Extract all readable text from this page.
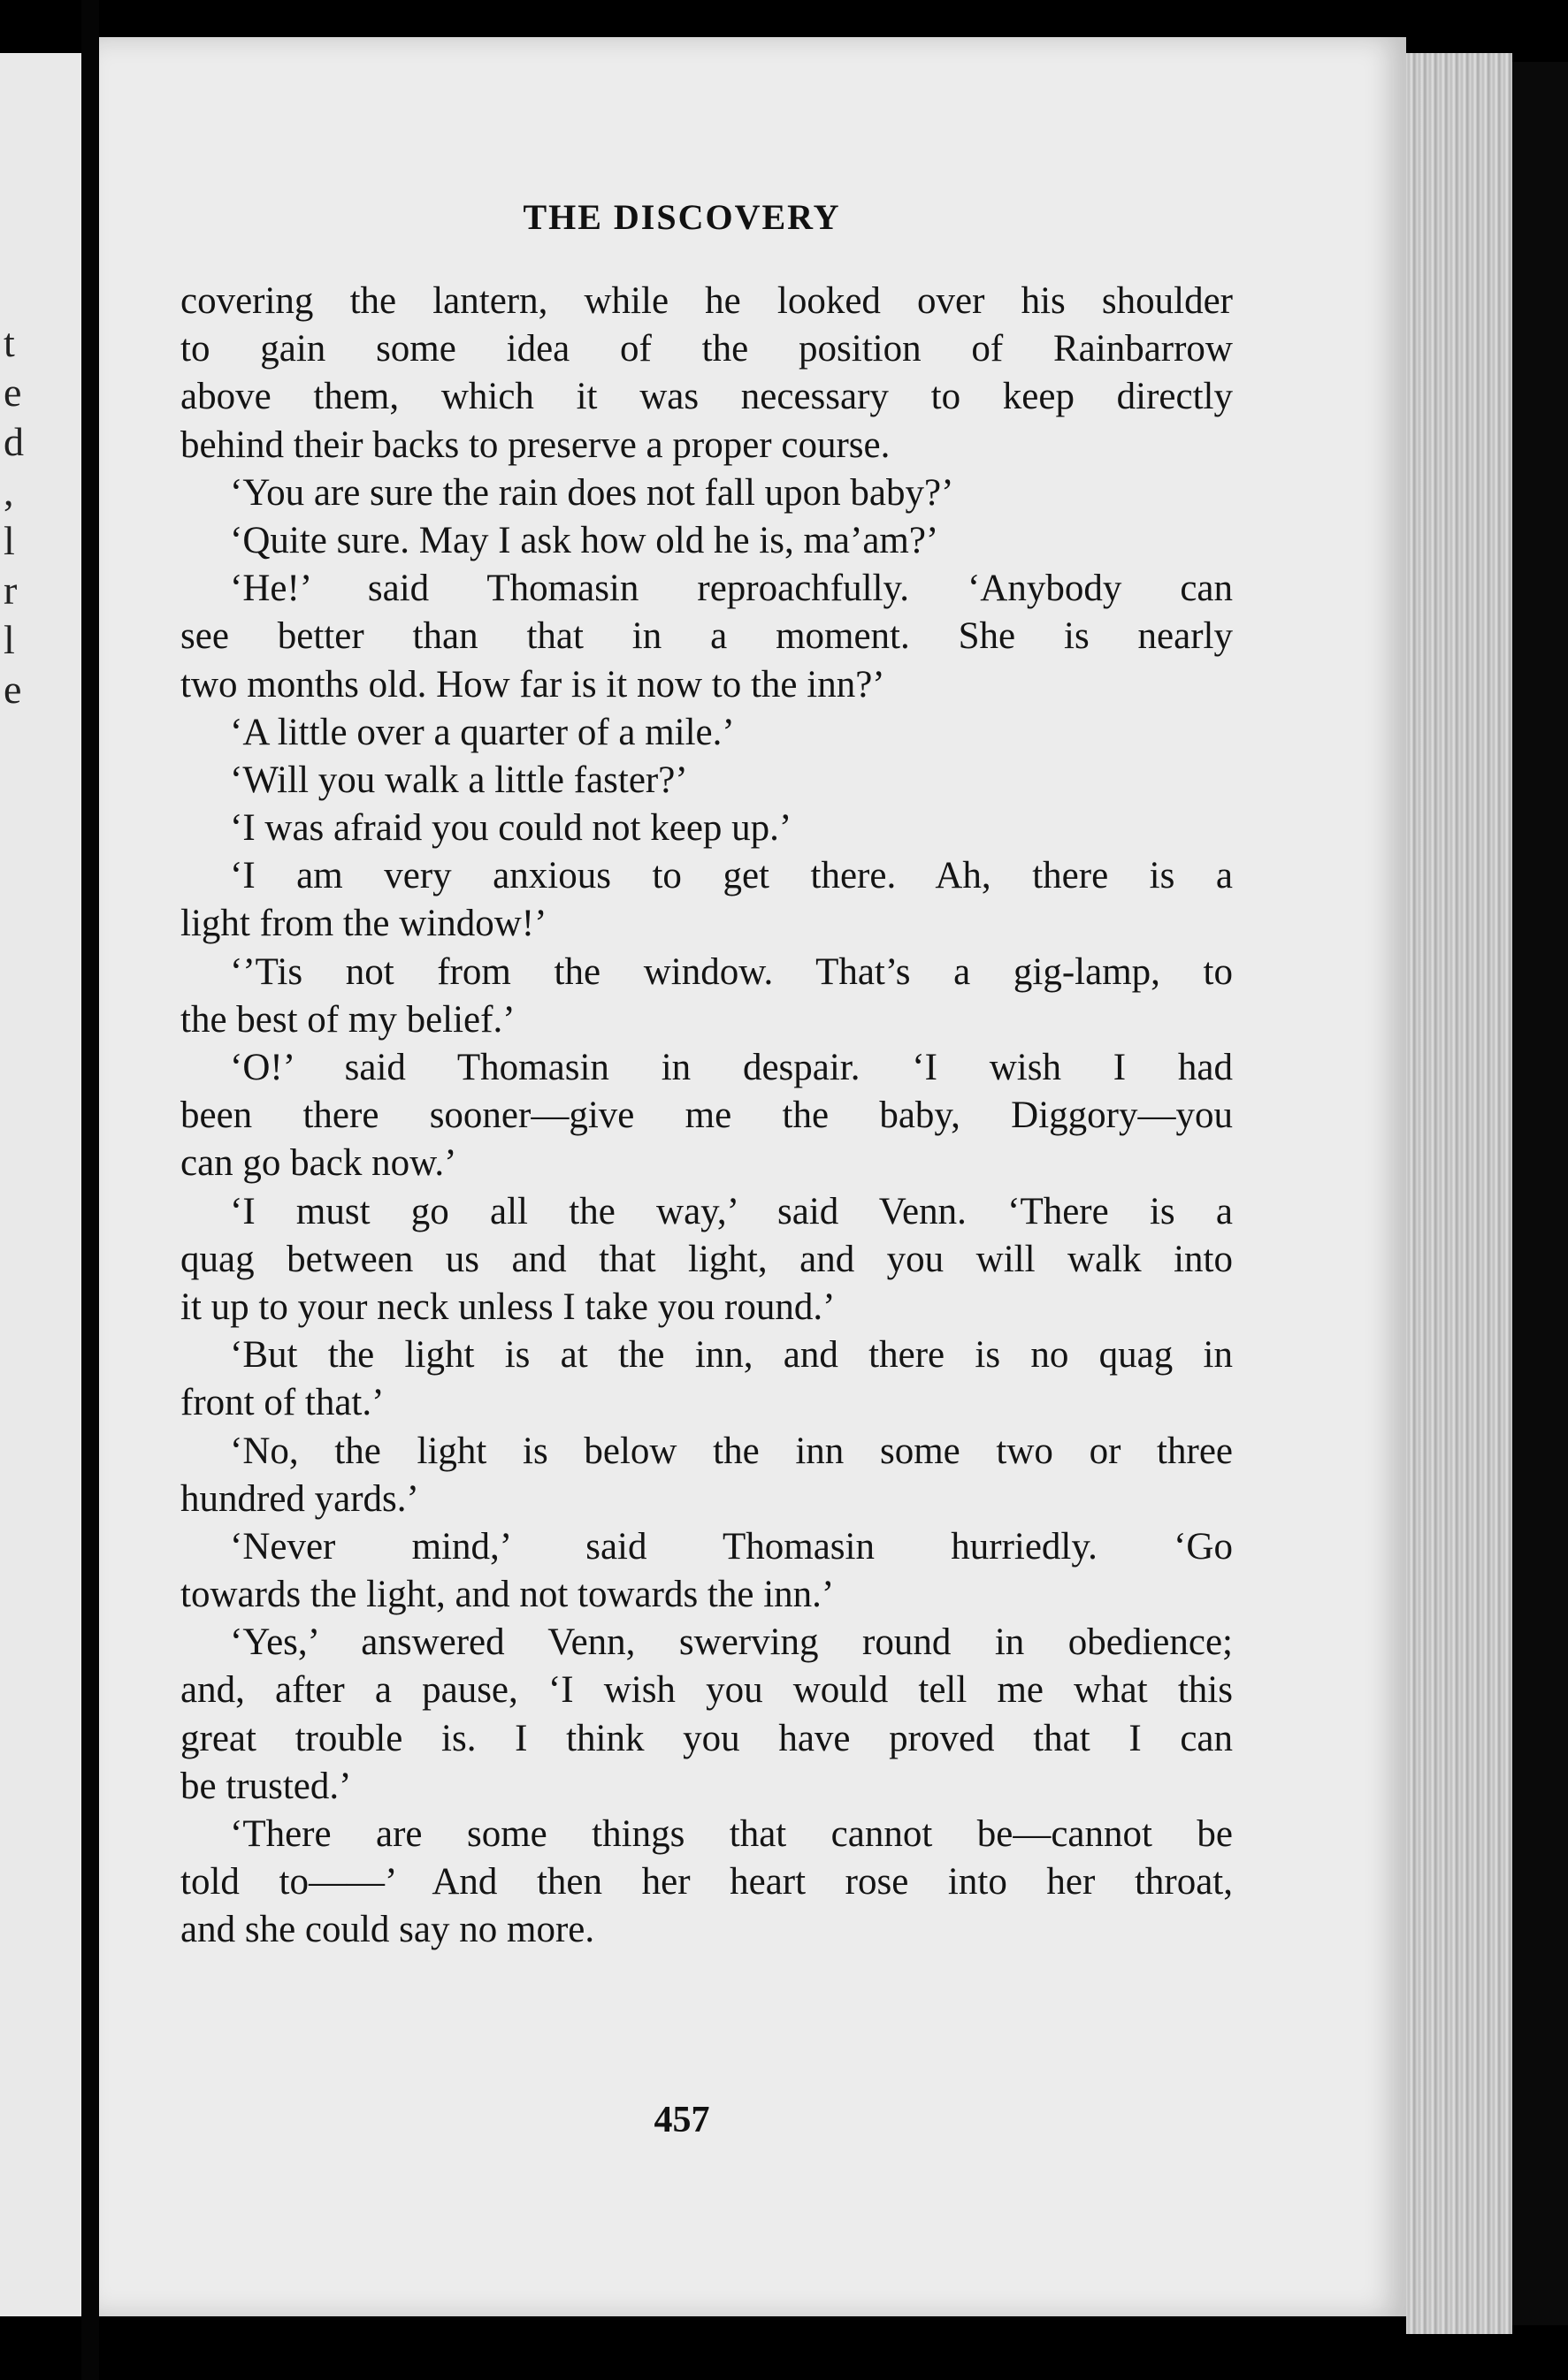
t
e
d
,
l
r
l
e
THE DISCOVERY
covering the lantern, while he looked over his shoulder
to gain some idea of the position of Rainbarrow
above them, which it was necessary to keep directly
behind their backs to preserve a proper course.
‘You are sure the rain does not fall upon baby?’
‘Quite sure. May I ask how old he is, ma’am?’
‘He!’ said Thomasin reproachfully. ‘Anybody can
see better than that in a moment. She is nearly
two months old. How far is it now to the inn?’
‘A little over a quarter of a mile.’
‘Will you walk a little faster?’
‘I was afraid you could not keep up.’
‘I am very anxious to get there. Ah, there is a
light from the window!’
‘’Tis not from the window. That’s a gig-lamp, to
the best of my belief.’
‘O!’ said Thomasin in despair. ‘I wish I had
been there sooner—give me the baby, Diggory—you
can go back now.’
‘I must go all the way,’ said Venn. ‘There is a
quag between us and that light, and you will walk into
it up to your neck unless I take you round.’
‘But the light is at the inn, and there is no quag in
front of that.’
‘No, the light is below the inn some two or three
hundred yards.’
‘Never mind,’ said Thomasin hurriedly. ‘Go
towards the light, and not towards the inn.’
‘Yes,’ answered Venn, swerving round in obedience;
and, after a pause, ‘I wish you would tell me what this
great trouble is. I think you have proved that I can
be trusted.’
‘There are some things that cannot be—cannot be
told to——’ And then her heart rose into her throat,
and she could say no more.
457
